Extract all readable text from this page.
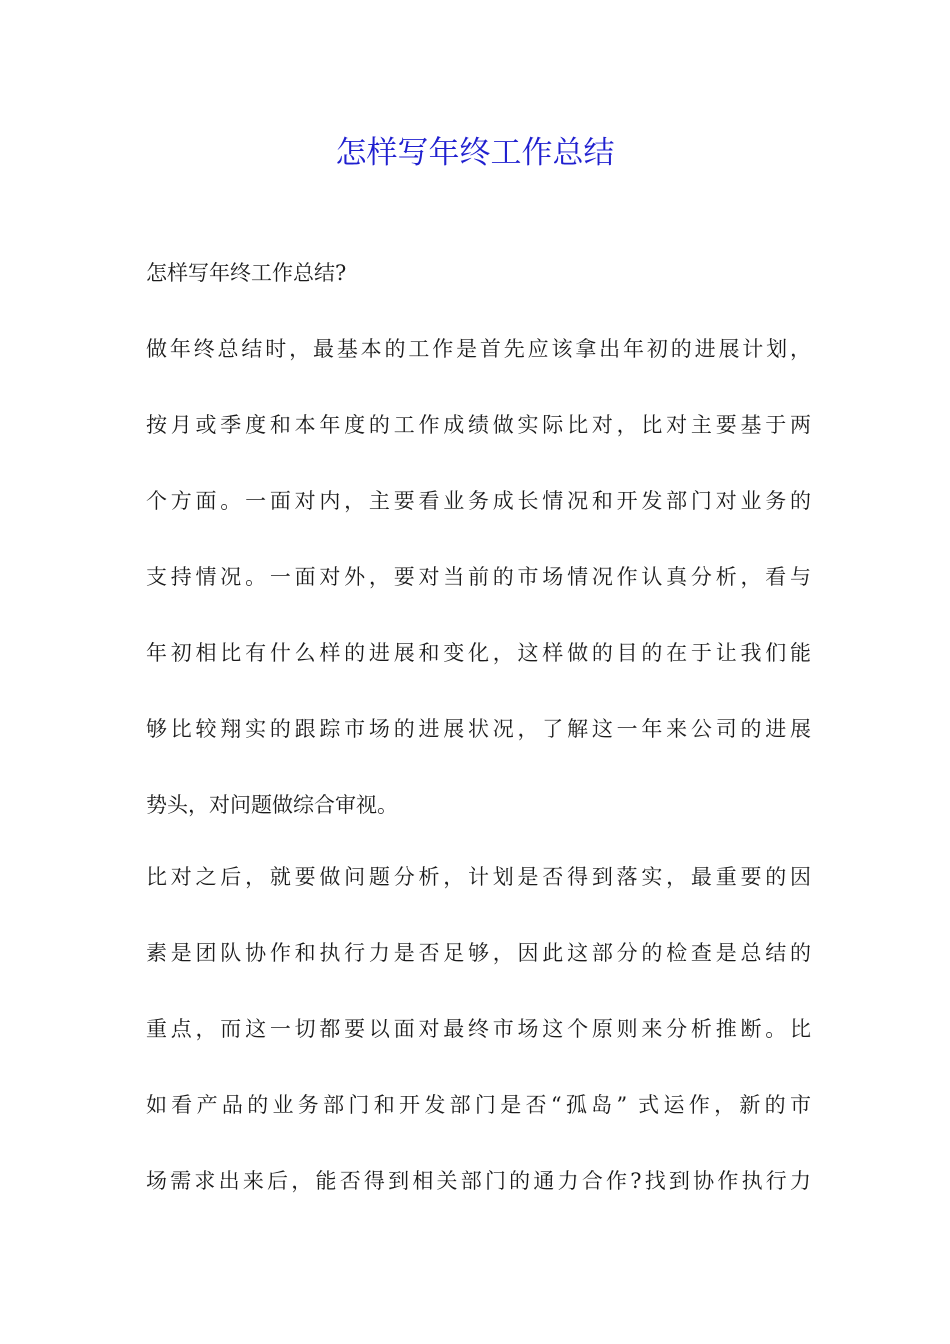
怎样写年终工作总结
怎样写年终工作总结?
做年终总结时，最基本的工作是首先应该拿出年初的进展计划，
按月或季度和本年度的工作成绩做实际比对，比对主要基于两
个方面。一面对内，主要看业务成长情况和开发部门对业务的
支持情况。一面对外，要对当前的市场情况作认真分析，看与
年初相比有什么样的进展和变化，这样做的目的在于让我们能
够比较翔实的跟踪市场的进展状况，了解这一年来公司的进展
势头，对问题做综合审视。
比对之后，就要做问题分析，计划是否得到落实，最重要的因
素是团队协作和执行力是否足够，因此这部分的检查是总结的
重点，而这一切都要以面对最终市场这个原则来分析推断。比
如看产品的业务部门和开发部门是否“孤岛” 式运作，新的市
场需求出来后，能否得到相关部门的通力合作?找到协作执行力
